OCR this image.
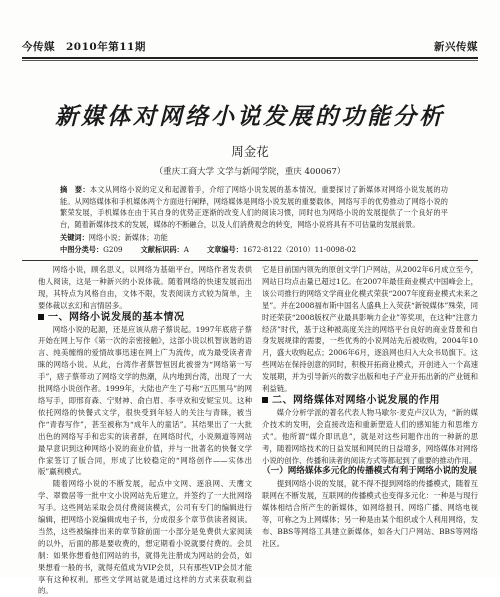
今传媒　2010年第11期	新兴传媒
新媒体对网络小说发展的功能分析
周金花
（重庆工商大学 文学与新闻学院，重庆 400067）
摘　要：本文从网络小说的定义和起源着手，介绍了网络小说发展的基本情况，重要探讨了新媒体对网络小说发展的功能。从网络媒体和手机媒体两个方面进行阐释，网络媒体是网络小说发展的重要载体，网络写手的优势推动了网络小说的繁荣发展，手机媒体在由于其自身的优势正逐渐的改变人们的阅读习惯，同时也为网络小说的发展提供了一个良好的平台，随着新媒体技术的发展，媒体的不断融合，以及人们消费观念的转变，网络小说将具有不可估量的发展前景。
关键词：网络小说；新媒体；功能
中图分类号：G209	文献标识码：A	文章编号：1672-8122（2010）11-0098-02

网络小说，顾名思义，以网络为基础平台，网络作者发表供他人阅读，这是一种新兴的小说体裁。随着网络的快速发展而出现，其特点为风格自由，文体不限，发表阅读方式较为简单，主要体裁以玄幻和言情居多。

一、网络小说发展的基本情况

网络小说的起源，还是应该从痞子蔡说起。1997年底痞子蔡开始在网上写作《第一次的亲密接触》，这部小说以机智诙谐的语言、纯美缠绵的爱情故事迅速在网上广为流传，成为最受读者青睐的网络小说。从此，台湾作者蔡智恒因此被誉为“网络第一写手”，痞子蔡带动了网络文学的热潮，从内地到台湾，出现了一大批网络小说创作者。1999年，大陆也产生了号称“五匹黑马”的网络写手，即邢育森、宁财神、俞白眉、李寻欢和安妮宝贝。这种依托网络的快餐式文学，很快受到年轻人的关注与青睐，被当作“青春写作”，甚至被称为“成年人的童话”。其结果出了一大批出色的网络写手和忠实的读者群，在网络时代，小说频道等网站最早意识到这种网络小说的商业价值，并与一批著名的快餐文学作家签订了版合同，形成了比较稳定的“网络创作——实体出版”赢利模式。

随着网络小说的不断发展，起点中文网、逐浪网、天鹰文学、翠微居等一批中文小说网站先后建立，并签约了一大批网络写手。这些网站采取会员付费阅读模式，公司有专门的编辑进行编辑，把网络小说编辑成电子书，分成很多个章节供读者阅读。当然，这些被编排出来的章节除前面一小部分是免费供大家阅读的以外，后面的都是要收费的，想定期看小说就要付费的。会员制：如果你想看他们网站的书，就得先注册成为网站的会员，如果想看一般的书，就得充值成为VIP会员，只有那些VIP会员才能享有这种权利。那些文学网站就是通过这样的方式来获取利益的。

它是目前国内领先的原创文学门户网站，从2002年6月成立至今，网站日均点击量已超过1亿。在2007年最佳商业模式中国峰会上，该公司推行的网络文学商业化模式荣获“2007年度商业模式未来之星”。并在2008福布斯中国名人盛典上入荧获“新锐媒体”殊荣，同时还荣获“2008版权产业最具影响力企业”等奖项，在这种“注意力经济”时代，基于这种被高度关注的网络平台良好的商业背景和自身发展规律的需要，一些优秀的小说网站先后被收购，2004年10月，盛大收购起点；2006年6月，逐浪网也归入大众书局旗下。这些网站在保持创意的同时，积极开拓商业模式，开创进入一个高速发展期，并为引导新兴的数字出版和电子产业开拓出新的产业链和利益链。

二、网络媒体对网络小说发展的作用

媒介分析学派的著名代表人物马歇尔·麦克卢汉认为，“新的媒介技术的发明，会直接改造和重新塑造人们的感知能力和思维方式”。他所谓“媒介即讯息”，就是对这些问题作出的一种新的思考，随着网络技术的日益发展和网民的日益增多，网络媒体对网络小说的创作、传播和读者的阅读方式等都起到了重要的推动作用。

（一）网络媒体多元化的传播模式有利于网络小说的发展

提到网络小说的发展，就不得不提到网络的传播模式，随着互联网在不断发展，互联网的传播模式也变得多元化：一种是与现行媒体相结合所产生的新媒体，如网络报刊、网络广播、网络电视等，可称之为上网媒体；另一种是由某个组织或个人利用网络，发布、BBS等网络工具建立新媒体，如各大门户网站、BBS等网络社区。
